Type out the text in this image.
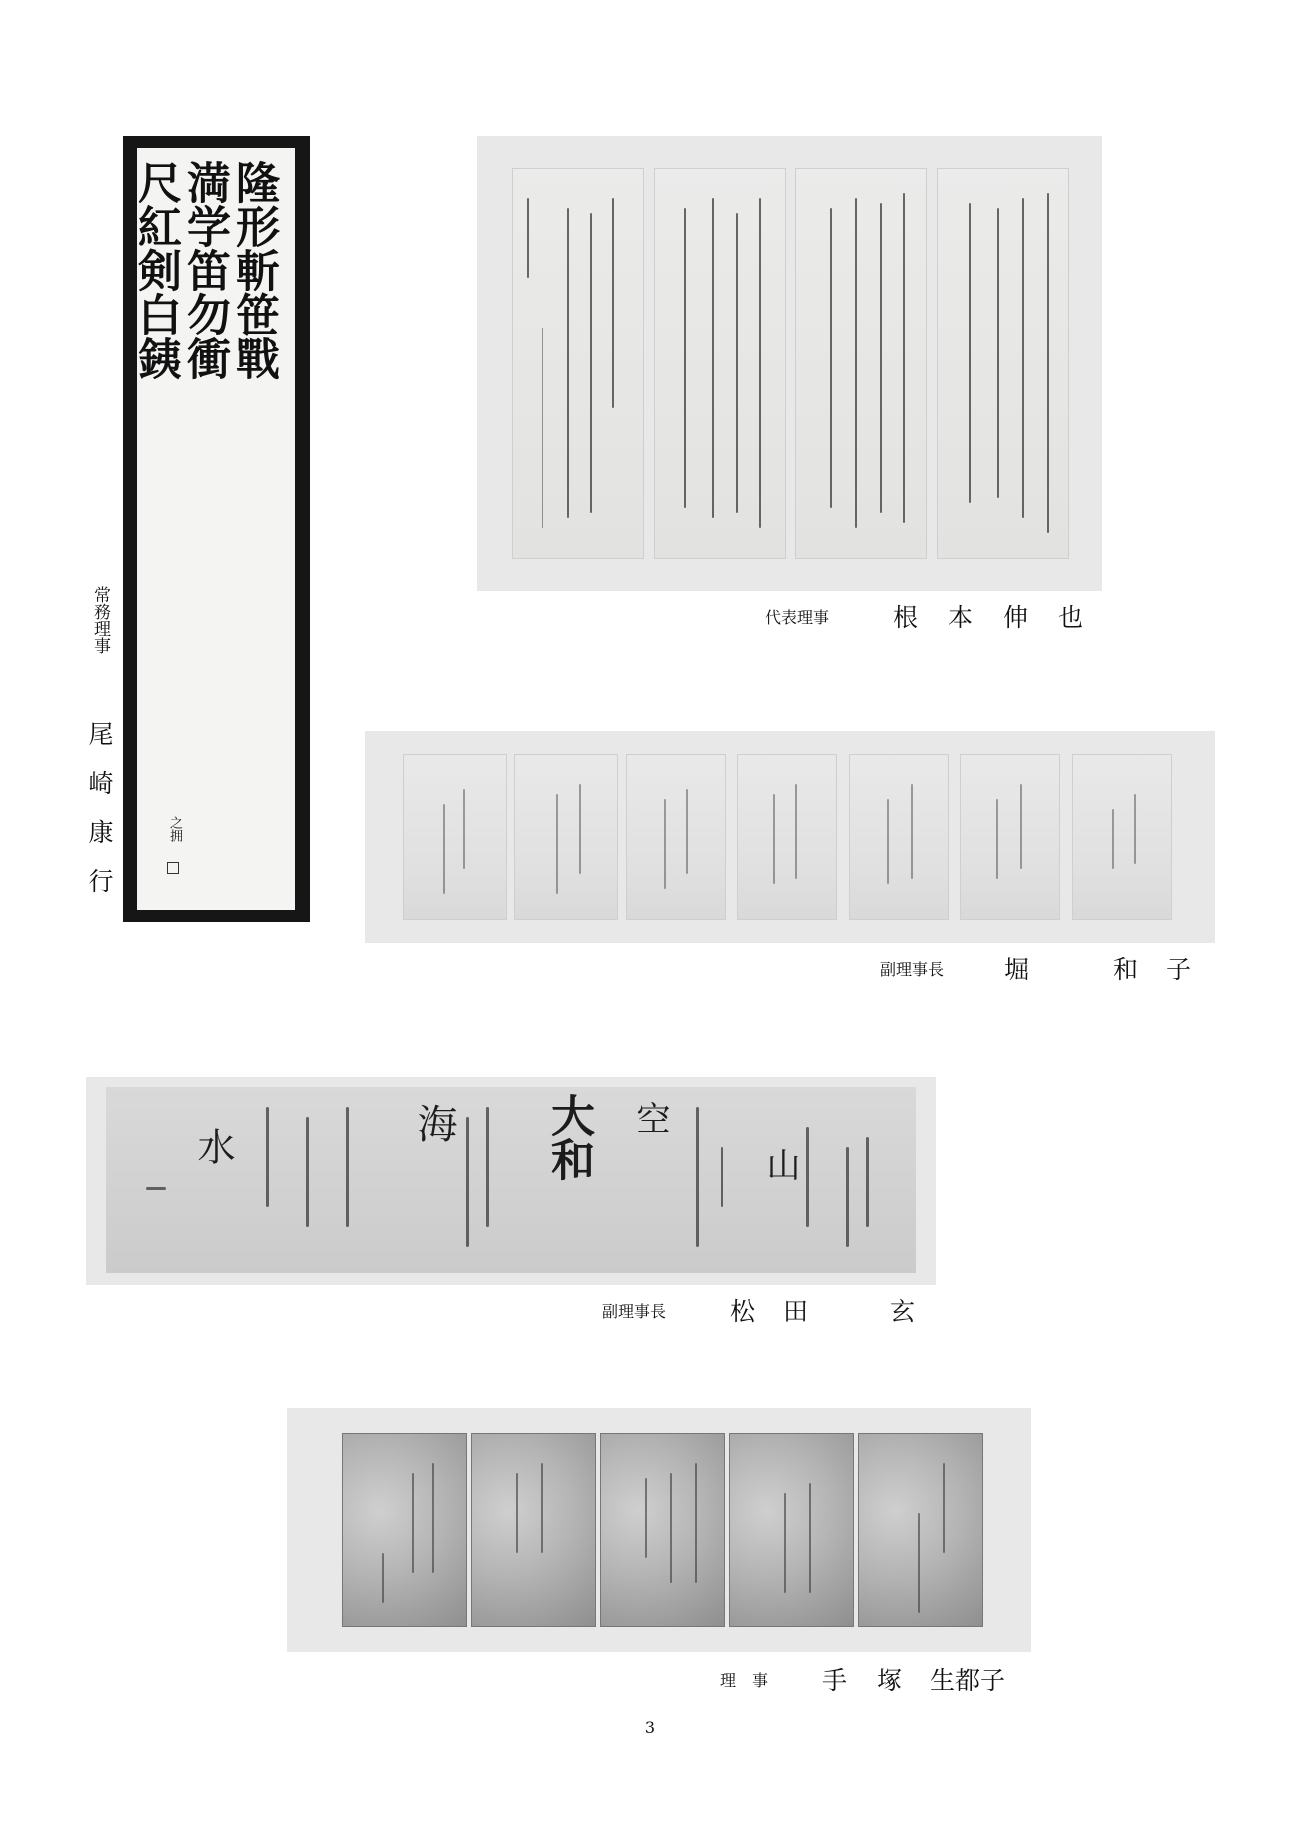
隆形斬笹戰
満学笛勿衝
尺紅剣白銕
之拥
常務理事
尾
崎
康
行
代表理事	根 本 伸 也
副理事長 堀	和 子
大和
海	空
山
水
副理事長	松 田	玄
理　事 手 塚 生都子
3
